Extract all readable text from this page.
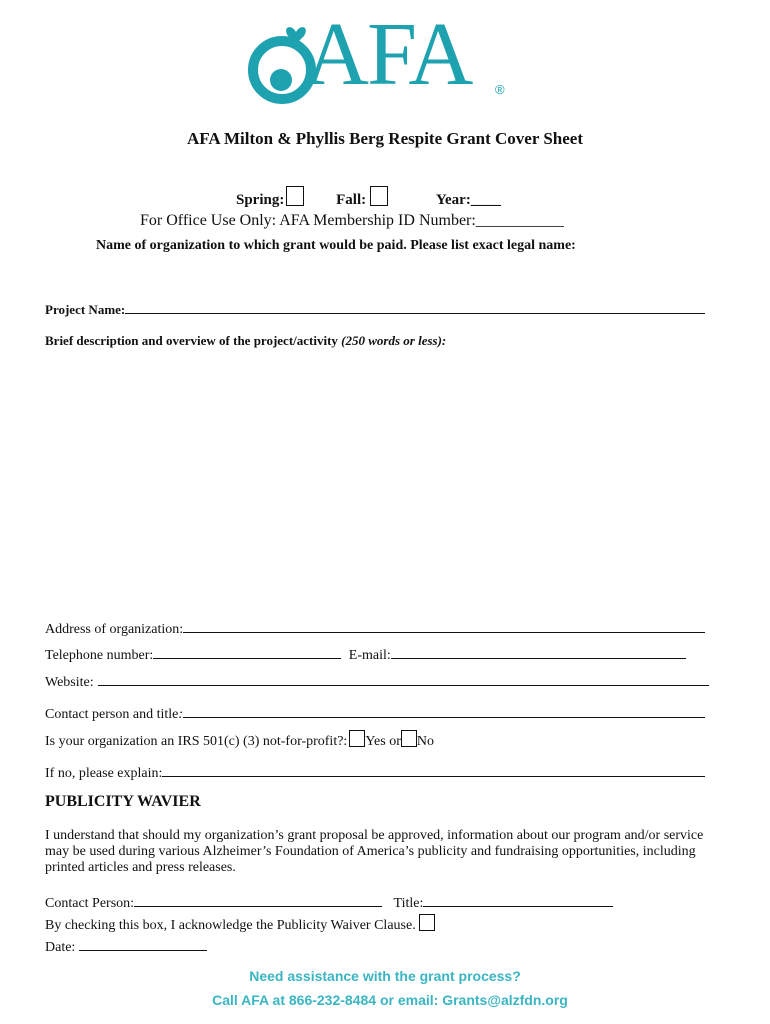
AFA ®
AFA Milton & Phyllis Berg Respite Grant Cover Sheet
Spring:	Fall:	Year:____
For Office Use Only: AFA Membership ID Number:___________
Name of organization to which grant would be paid. Please list exact legal name:
Project Name:
Brief description and overview of the project/activity (250 words or less):
Address of organization:
Telephone number:	E-mail:
Website:
Contact person and title:
Is your organization an IRS 501(c) (3) not-for-profit?: Yes or No
If no, please explain:
PUBLICITY WAVIER
I understand that should my organization’s grant proposal be approved, information about our program and/or service may be used during various Alzheimer’s Foundation of America’s publicity and fundraising opportunities, including printed articles and press releases.
Contact Person:	Title:
By checking this box, I acknowledge the Publicity Waiver Clause.
Date:
Need assistance with the grant process?
Call AFA at 866-232-8484 or email: Grants@alzfdn.org
